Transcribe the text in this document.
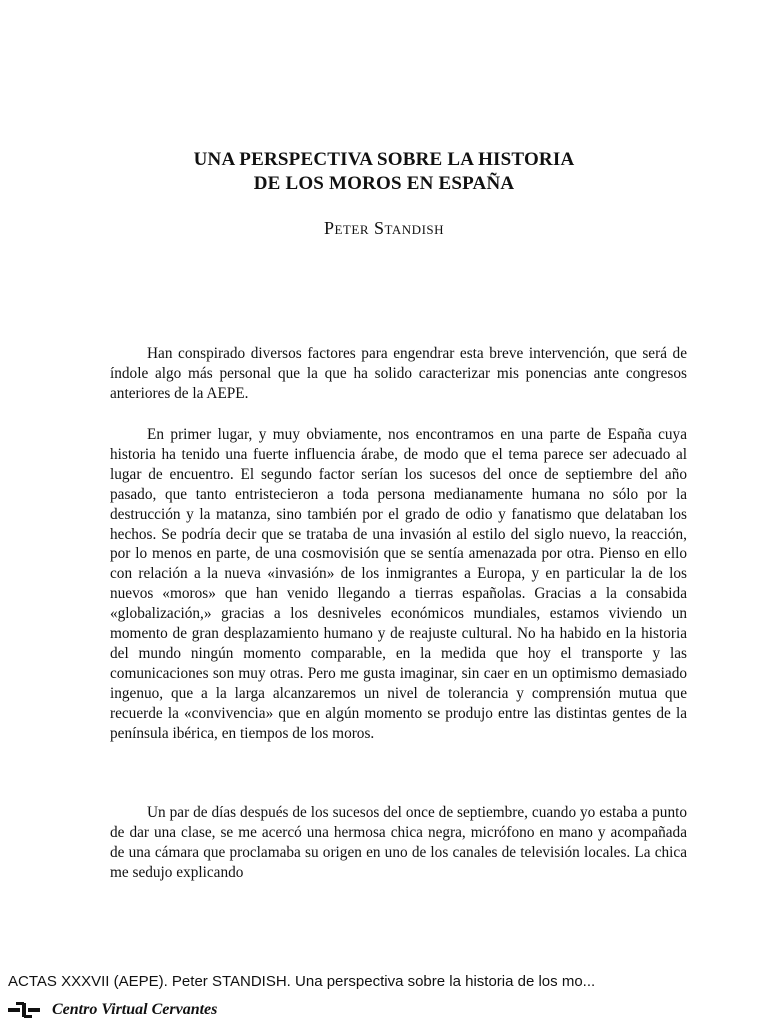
UNA PERSPECTIVA SOBRE LA HISTORIA
DE LOS MOROS EN ESPAÑA
Peter Standish

Han conspirado diversos factores para engendrar esta breve intervención, que será de índole algo más personal que la que ha solido caracterizar mis ponencias ante congresos anteriores de la AEPE.

En primer lugar, y muy obviamente, nos encontramos en una parte de España cuya historia ha tenido una fuerte influencia árabe, de modo que el tema parece ser adecuado al lugar de encuentro. El segundo factor serían los sucesos del once de septiembre del año pasado, que tanto entristecieron a toda persona medianamente humana no sólo por la destrucción y la matanza, sino también por el grado de odio y fanatismo que delataban los hechos. Se podría decir que se trataba de una invasión al estilo del siglo nuevo, la reacción, por lo menos en parte, de una cosmovisión que se sentía amenazada por otra. Pienso en ello con relación a la nueva «invasión» de los inmigrantes a Europa, y en particular la de los nuevos «moros» que han venido llegando a tierras españolas. Gracias a la consabida «globalización,» gracias a los desniveles económicos mundiales, estamos viviendo un momento de gran desplazamiento humano y de reajuste cultural. No ha habido en la historia del mundo ningún momento comparable, en la medida que hoy el transporte y las comunicaciones son muy otras. Pero me gusta imaginar, sin caer en un optimismo demasiado ingenuo, que a la larga alcanzaremos un nivel de tolerancia y comprensión mutua que recuerde la «convivencia» que en algún momento se produjo entre las distintas gentes de la península ibérica, en tiempos de los moros.

Un par de días después de los sucesos del once de septiembre, cuando yo estaba a punto de dar una clase, se me acercó una hermosa chica negra, micrófono en mano y acompañada de una cámara que proclamaba su origen en uno de los canales de televisión locales. La chica me sedujo explicando

ACTAS XXXVII (AEPE). Peter STANDISH. Una perspectiva sobre la historia de los mo...
Centro Virtual Cervantes
